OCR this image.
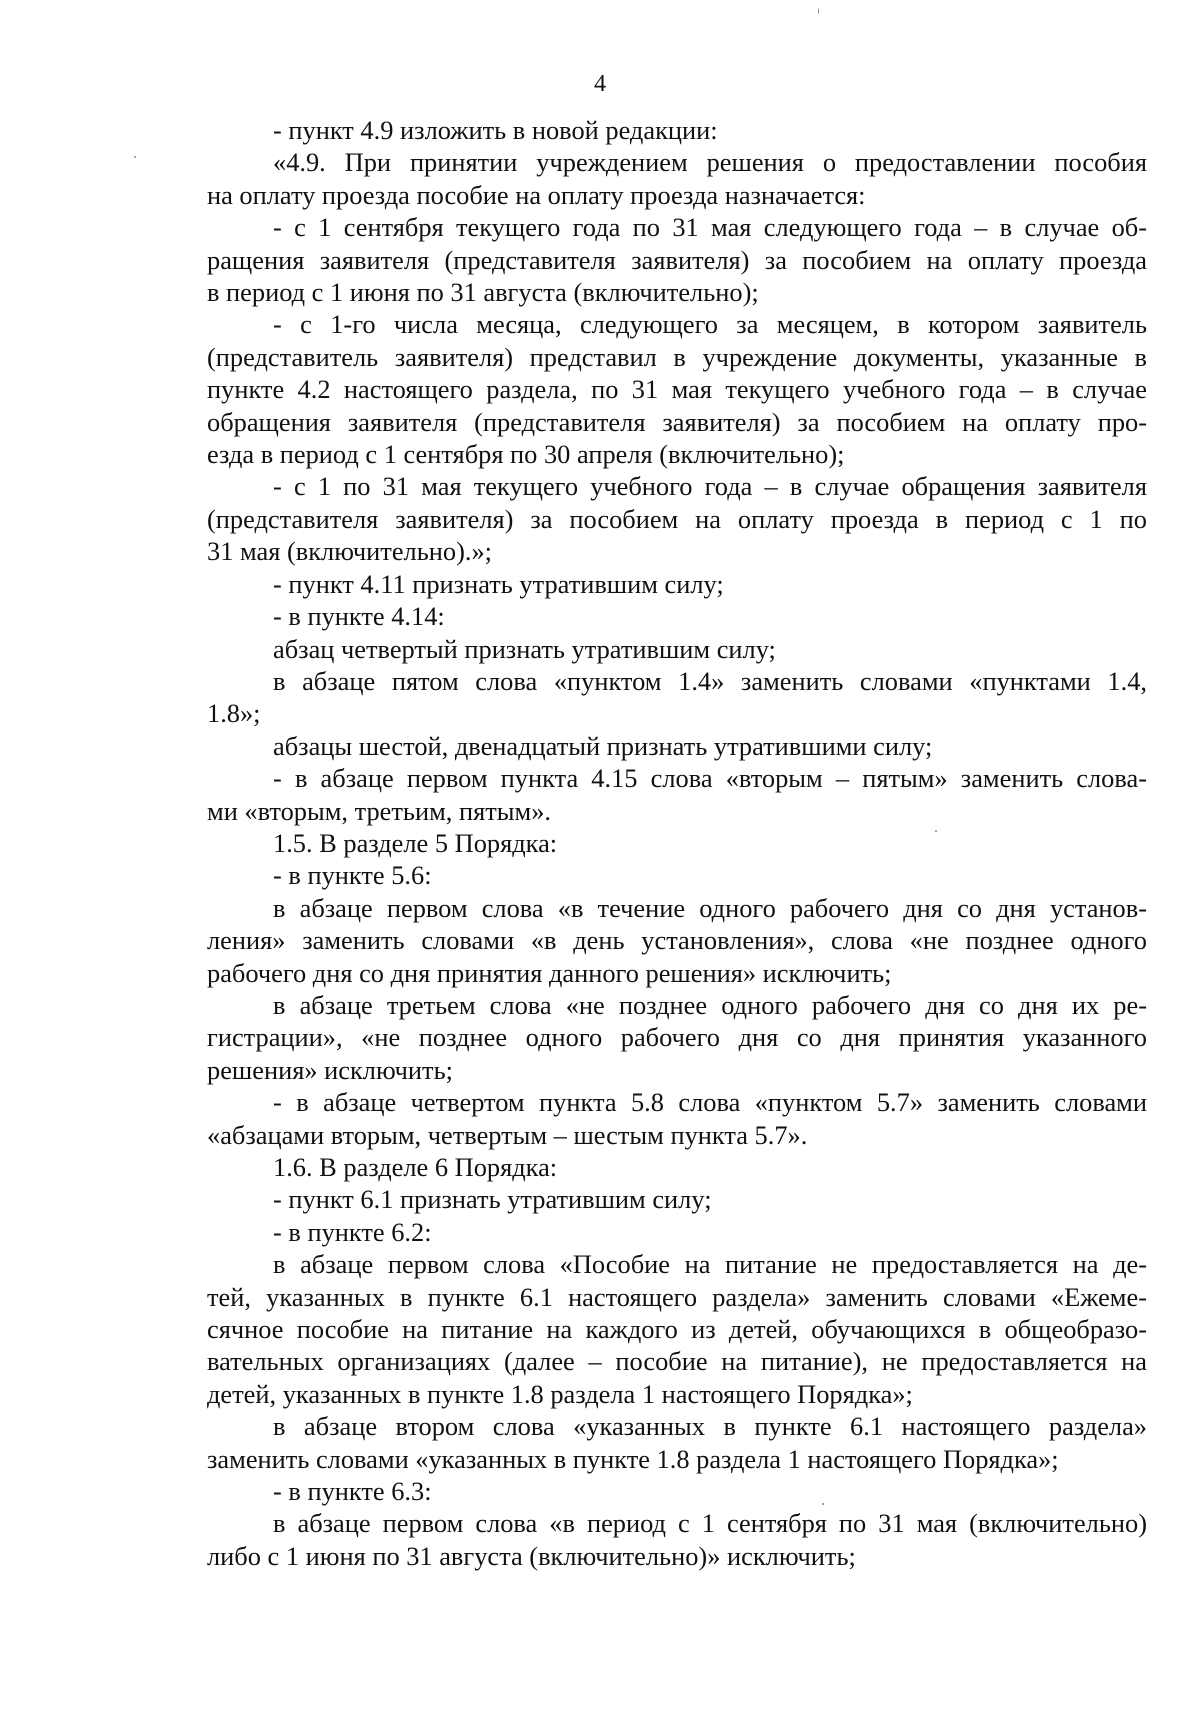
4
- пункт 4.9 изложить в новой редакции:
«4.9. При принятии учреждением решения о предоставлении пособия
на оплату проезда пособие на оплату проезда назначается:
- с 1 сентября текущего года по 31 мая следующего года – в случае об-
ращения заявителя (представителя заявителя) за пособием на оплату проезда
в период с 1 июня по 31 августа (включительно);
- с 1-го числа месяца, следующего за месяцем, в котором заявитель
(представитель заявителя) представил в учреждение документы, указанные в
пункте 4.2 настоящего раздела, по 31 мая текущего учебного года – в случае
обращения заявителя (представителя заявителя) за пособием на оплату про-
езда в период с 1 сентября по 30 апреля (включительно);
- с 1 по 31 мая текущего учебного года – в случае обращения заявителя
(представителя заявителя) за пособием на оплату проезда в период с 1 по
31 мая (включительно).»;
- пункт 4.11 признать утратившим силу;
- в пункте 4.14:
абзац четвертый признать утратившим силу;
в абзаце пятом слова «пунктом 1.4» заменить словами «пунктами 1.4,
1.8»;
абзацы шестой, двенадцатый признать утратившими силу;
- в абзаце первом пункта 4.15 слова «вторым – пятым» заменить слова-
ми «вторым, третьим, пятым».
1.5. В разделе 5 Порядка:
- в пункте 5.6:
в абзаце первом слова «в течение одного рабочего дня со дня установ-
ления» заменить словами «в день установления», слова «не позднее одного
рабочего дня со дня принятия данного решения» исключить;
в абзаце третьем слова «не позднее одного рабочего дня со дня их ре-
гистрации», «не позднее одного рабочего дня со дня принятия указанного
решения» исключить;
- в абзаце четвертом пункта 5.8 слова «пунктом 5.7» заменить словами
«абзацами вторым, четвертым – шестым пункта 5.7».
1.6. В разделе 6 Порядка:
- пункт 6.1 признать утратившим силу;
- в пункте 6.2:
в абзаце первом слова «Пособие на питание не предоставляется на де-
тей, указанных в пункте 6.1 настоящего раздела» заменить словами «Ежеме-
сячное пособие на питание на каждого из детей, обучающихся в общеобразо-
вательных организациях (далее – пособие на питание), не предоставляется на
детей, указанных в пункте 1.8 раздела 1 настоящего Порядка»;
в абзаце втором слова «указанных в пункте 6.1 настоящего раздела»
заменить словами «указанных в пункте 1.8 раздела 1 настоящего Порядка»;
- в пункте 6.3:
в абзаце первом слова «в период с 1 сентября по 31 мая (включительно)
либо с 1 июня по 31 августа (включительно)» исключить;
